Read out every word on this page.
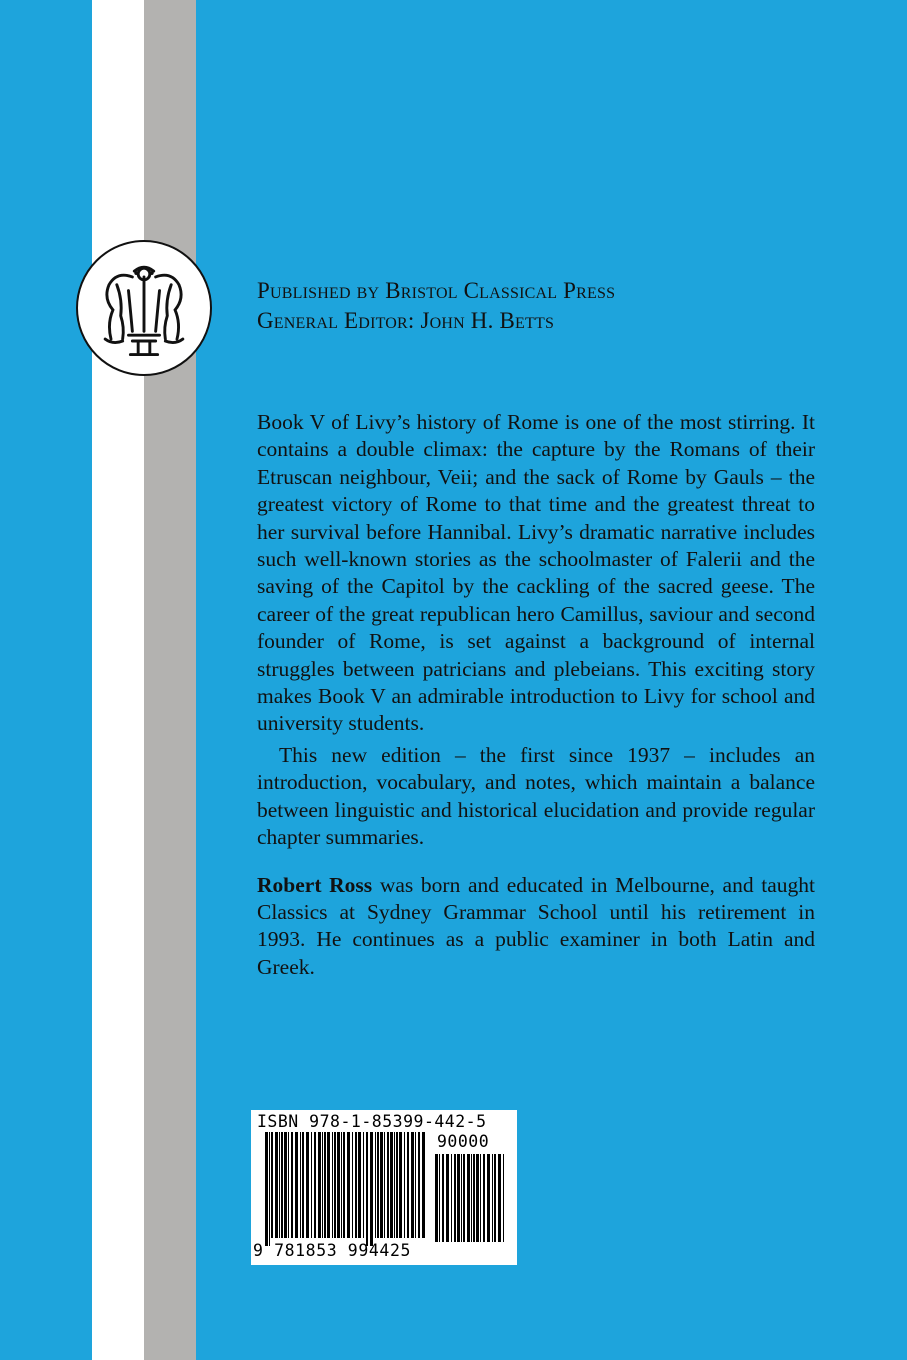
Published by Bristol Classical Press
General Editor: John H. Betts

Book V of Livy’s history of Rome is one of the most stirring. It contains a double climax: the capture by the Romans of their Etruscan neighbour, Veii; and the sack of Rome by Gauls – the greatest victory of Rome to that time and the greatest threat to her survival before Hannibal. Livy’s dramatic narrative includes such well-known stories as the schoolmaster of Falerii and the saving of the Capitol by the cackling of the sacred geese. The career of the great republican hero Camillus, saviour and second founder of Rome, is set against a background of internal struggles between patricians and plebeians. This exciting story makes Book V an admirable introduction to Livy for school and university students.

This new edition – the first since 1937 – includes an introduction, vocabulary, and notes, which maintain a balance between linguistic and historical elucidation and provide regular chapter summaries.

Robert Ross was born and educated in Melbourne, and taught Classics at Sydney Grammar School until his retirement in 1993. He continues as a public examiner in both Latin and Greek.

ISBN 978-1-85399-442-5
90000
9 781853 994425
